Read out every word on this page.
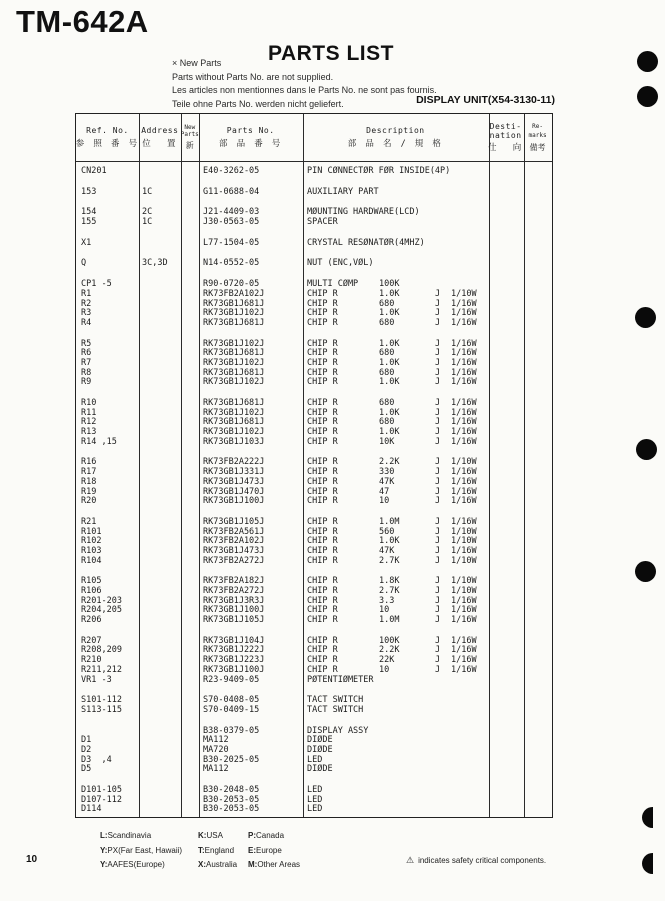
TM-642A
PARTS LIST
× New Parts
Parts without Parts No. are not supplied.
Les articles non mentionnes dans le Parts No. ne sont pas fournis.
Teile ohne Parts No. werden nicht geliefert.	DISPLAY UNIT(X54-3130-11)
Ref. No.
参 照 番 号
Address
位  置
New
Parts
新
Parts No.
部 品 番 号
Description
部 品 名 / 規 格
Desti-
nation
仕  向
Re-
marks
備考
CN201	E40-3262-05	PIN CØNNECTØR FØR INSIDE(4P)
153	1C	G11-0688-04	AUXILIARY PART
154	2C	J21-4409-03	MØUNTING HARDWARE(LCD)
155	1C	J30-0563-05	SPACER
X1	L77-1504-05	CRYSTAL RESØNATØR(4MHZ)
Q	3C,3D	N14-0552-05	NUT (ENC,VØL)
CP1 -5	R90-0720-05	MULTI CØMP 100K
R1	RK73FB2A102J	CHIP R	1.0K	J 1/10W
R2	RK73GB1J681J	CHIP R	680	J 1/16W
R3	RK73GB1J102J	CHIP R	1.0K	J 1/16W
R4	RK73GB1J681J	CHIP R	680	J 1/16W
R5	RK73GB1J102J	CHIP R	1.0K	J 1/16W
R6	RK73GB1J681J	CHIP R	680	J 1/16W
R7	RK73GB1J102J	CHIP R	1.0K	J 1/16W
R8	RK73GB1J681J	CHIP R	680	J 1/16W
R9	RK73GB1J102J	CHIP R	1.0K	J 1/16W
R10	RK73GB1J681J	CHIP R	680	J 1/16W
R11	RK73GB1J102J	CHIP R	1.0K	J 1/16W
R12	RK73GB1J681J	CHIP R	680	J 1/16W
R13	RK73GB1J102J	CHIP R	1.0K	J 1/16W
R14 ,15	RK73GB1J103J	CHIP R	10K	J 1/16W
R16	RK73FB2A222J	CHIP R	2.2K	J 1/10W
R17	RK73GB1J331J	CHIP R	330	J 1/16W
R18	RK73GB1J473J	CHIP R	47K	J 1/16W
R19	RK73GB1J470J	CHIP R	47	J 1/16W
R20	RK73GB1J100J	CHIP R	10	J 1/16W
R21	RK73GB1J105J	CHIP R	1.0M	J 1/16W
R101	RK73FB2A561J	CHIP R	560	J 1/10W
R102	RK73FB2A102J	CHIP R	1.0K	J 1/10W
R103	RK73GB1J473J	CHIP R	47K	J 1/16W
R104	RK73FB2A272J	CHIP R	2.7K	J 1/10W
R105	RK73FB2A182J	CHIP R	1.8K	J 1/10W
R106	RK73FB2A272J	CHIP R	2.7K	J 1/10W
R201-203	RK73GB1J3R3J	CHIP R	3.3	J 1/16W
R204,205	RK73GB1J100J	CHIP R	10	J 1/16W
R206	RK73GB1J105J	CHIP R	1.0M	J 1/16W
R207	RK73GB1J104J	CHIP R	100K	J 1/16W
R208,209	RK73GB1J222J	CHIP R	2.2K	J 1/16W
R210	RK73GB1J223J	CHIP R	22K	J 1/16W
R211,212	RK73GB1J100J	CHIP R	10	J 1/16W
VR1 -3	R23-9409-05	PØTENTIØMETER
S101-112	S70-0408-05	TACT SWITCH
S113-115	S70-0409-15	TACT SWITCH
B38-0379-05	DISPLAY ASSY
D1	MA112	DIØDE
D2	MA720	DIØDE
D3  ,4	B30-2025-05	LED
D5	MA112	DIØDE
D101-105	B30-2048-05	LED
D107-112	B30-2053-05	LED
D114	B30-2053-05	LED
L:Scandinavia	K:USA	P:Canada
Y:PX(Far East, Hawaii) T:England E:Europe
Y:AAFES(Europe)	X:Australia M:Other Areas	⚠ indicates safety critical components.
10
